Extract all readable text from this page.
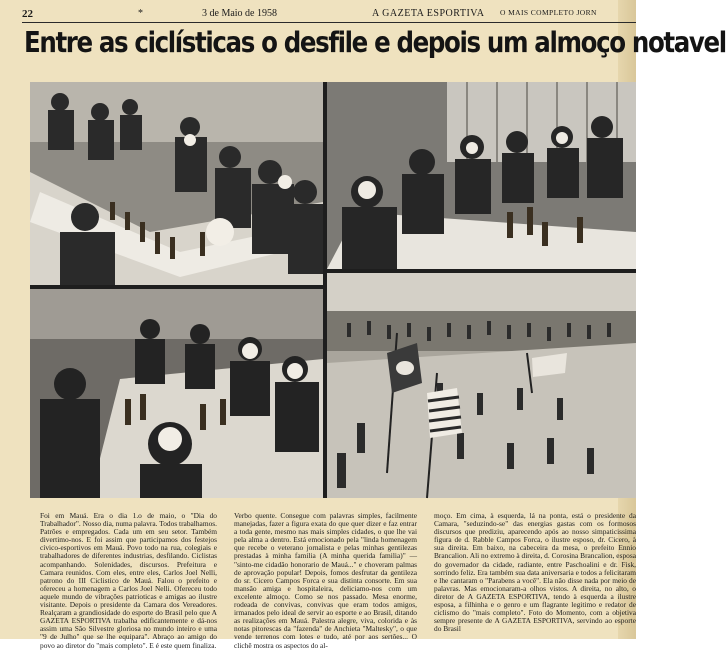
22	*	3 de Maio de 1958	A GAZETA ESPORTIVA O MAIS COMPLETO JORN
Entre as ciclísticas o desfile e depois um almoço notavel
Foi em Mauá. Era o dia 1.o de maio, o "Dia do Trabalhador". Nosso dia, numa palavra. Todos trabalhamos. Patrões e empregados. Cada um em seu setor. Também divertimo-nos. E foi assim que participamos dos festejos cívico-esportivos em Mauá. Povo todo na rua, colegiais e trabalhadores de diferentes industrias, desfilando. Ciclistas acompanhando. Solenidades, discursos. Prefeitura e Camara reunidos. Com eles, entre eles, Carlos Joel Nelli, patrono do III Ciclistico de Mauá. Falou o prefeito e ofereceu a homenagem a Carlos Joel Nelli. Ofereceu todo aquele mundo de vibrações patrioticas e amigas ao ilustre visitante. Depois o presidente da Camara dos Vereadores. Realçaram a grandiosidade do esporte do Brasil pelo que A GAZETA ESPORTIVA trabalha edificantemente e dá-nos assim uma São Silvestre gloriosa no mundo inteiro e uma "9 de Julho" que se lhe equipara". Abraço ao amigo do povo ao diretor do "mais completo". E é este quem finaliza.
Verbo quente. Consegue com palavras simples, facilmente manejadas, fazer a figura exata do que quer dizer e faz entrar a toda gente, mesmo nas mais simples cidades, o que lhe vai pela alma a dentro. Está emocionado pela "linda homenagem que recebe o veterano jornalista e pelas minhas gentilezas prestadas à minha familia (A minha querida familia)" — "sinto-me cidadão honorario de Mauá..." e choveram palmas de aprovação popular! Depois, fomos desfrutar da gentileza do sr. Cicero Campos Forca e sua distinta consorte. Em sua mansão amiga e hospitaleira, deliciamo-nos com um excelente almoço. Como se nos passado. Mesa enorme, rodeada de convivas, convivas que eram todos amigos, irmanados pelo ideal de servir ao esporte e ao Brasil, ditando as realizações em Mauá. Palestra alegre, viva, colorida e às notas pitorescas da "fazenda" de Anchieta "Maltesky", o que vende terrenos com lotes e tudo, até por aos sertões... O clichê mostra os aspectos do al-
moço. Em cima, à esquerda, lá na ponta, está o presidente da Camara, "seduzindo-se" das energias gastas com os formosos discursos que prediziu, aparecendo após ao nosso simpaticissima figura de d. Rabble Campos Forca, o ilustre esposo, dr. Cicero, à sua direita. Em baixo, na cabeceira da mesa, o prefeito Ennio Brancalion. Ali no extremo à direita, d. Corosina Brancalion, esposa do governador da cidade, radiante, entre Paschoalini e dr. Fisk, sorrindo feliz. Era também sua data aniversaria e todos a felicitaram e lhe cantaram o "Parabens a você". Ela não disse nada por meio de palavras. Mas emocionaram-a olhos vistos. A direita, no alto, o diretor de A GAZETA ESPORTIVA, tendo à esquerda a ilustre esposa, a filhinha e o genro e um flagrante legitimo e redator de ciclismo do "mais completo". Foto do Momento, com a objetiva sempre presente de A GAZETA ESPORTIVA, servindo ao esporte do Brasil
